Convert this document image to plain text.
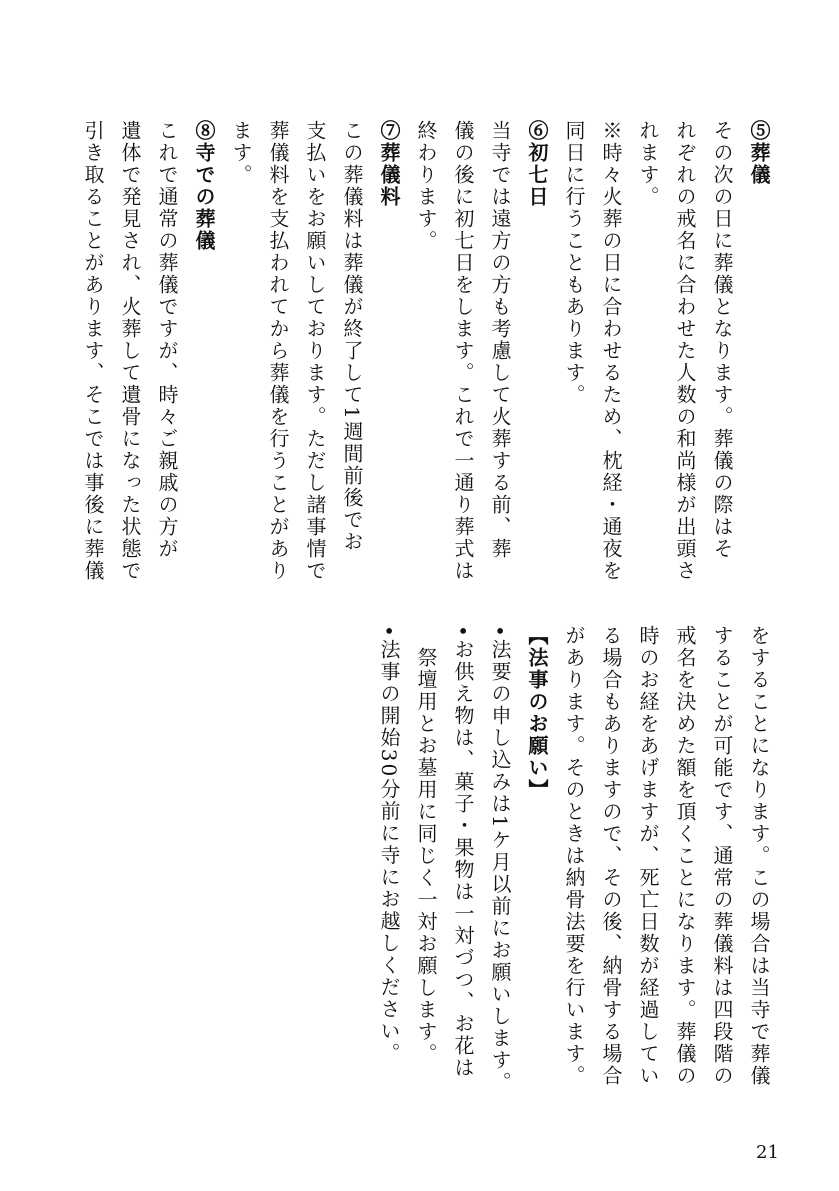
⑤葬儀
その次の日に葬儀となります。葬儀の際はそ
れぞれの戒名に合わせた人数の和尚様が出頭さ
れます。
※時々火葬の日に合わせるため、枕経・通夜を
同日に行うこともあります。
⑥初七日
当寺では遠方の方も考慮して火葬する前、葬
儀の後に初七日をします。これで一通り葬式は
終わります。
⑦葬儀料
この葬儀料は葬儀が終了して1週間前後でお
支払いをお願いしております。ただし諸事情で
葬儀料を支払われてから葬儀を行うことがあり
ます。
⑧寺での葬儀
これで通常の葬儀ですが、時々ご親戚の方が
遺体で発見され、火葬して遺骨になった状態で
引き取ることがあります、そこでは事後に葬儀
をすることになります。この場合は当寺で葬儀
することが可能です、通常の葬儀料は四段階の
戒名を決めた額を頂くことになります。葬儀の
時のお経をあげますが、死亡日数が経過してい
る場合もありますので、その後、納骨する場合
があります。そのときは納骨法要を行います。
【法事のお願い】
•法要の申し込みは1ケ月以前にお願いします。
•お供え物は、菓子・果物は一対づつ、お花は
　祭壇用とお墓用に同じく一対お願します。
•法事の開始30分前に寺にお越しください。
21
